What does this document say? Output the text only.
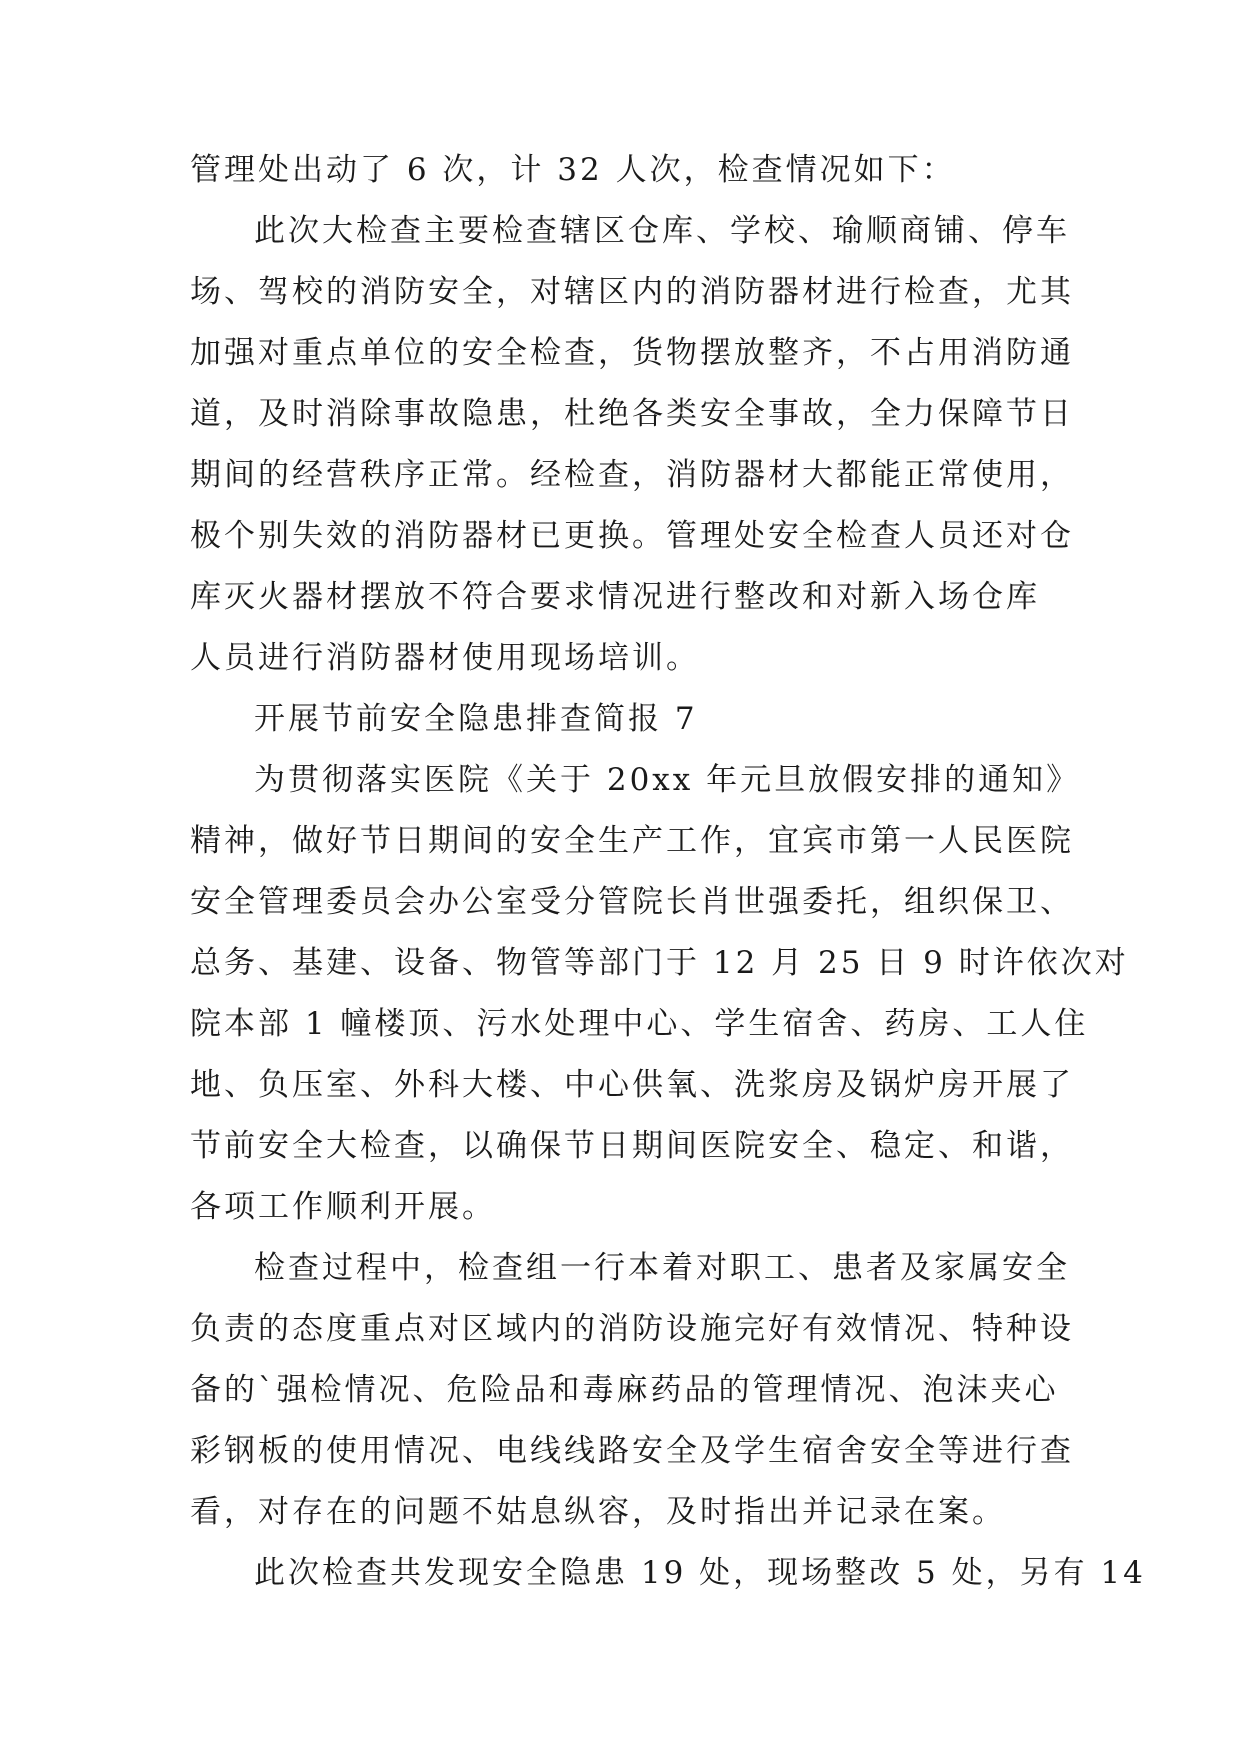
管理处出动了 6 次，计 32 人次，检查情况如下：
此次大检查主要检查辖区仓库、学校、瑜顺商铺、停车
场、驾校的消防安全，对辖区内的消防器材进行检查，尤其
加强对重点单位的安全检查，货物摆放整齐，不占用消防通
道，及时消除事故隐患，杜绝各类安全事故，全力保障节日
期间的经营秩序正常。经检查，消防器材大都能正常使用，
极个别失效的消防器材已更换。管理处安全检查人员还对仓
库灭火器材摆放不符合要求情况进行整改和对新入场仓库
人员进行消防器材使用现场培训。
开展节前安全隐患排查简报 7
为贯彻落实医院《关于 20xx 年元旦放假安排的通知》
精神，做好节日期间的安全生产工作，宜宾市第一人民医院
安全管理委员会办公室受分管院长肖世强委托，组织保卫、
总务、基建、设备、物管等部门于 12 月 25 日 9 时许依次对
院本部 1 幢楼顶、污水处理中心、学生宿舍、药房、工人住
地、负压室、外科大楼、中心供氧、洗浆房及锅炉房开展了
节前安全大检查，以确保节日期间医院安全、稳定、和谐，
各项工作顺利开展。
检查过程中，检查组一行本着对职工、患者及家属安全
负责的态度重点对区域内的消防设施完好有效情况、特种设
备的`强检情况、危险品和毒麻药品的管理情况、泡沫夹心
彩钢板的使用情况、电线线路安全及学生宿舍安全等进行查
看，对存在的问题不姑息纵容，及时指出并记录在案。
此次检查共发现安全隐患 19 处，现场整改 5 处，另有 14
